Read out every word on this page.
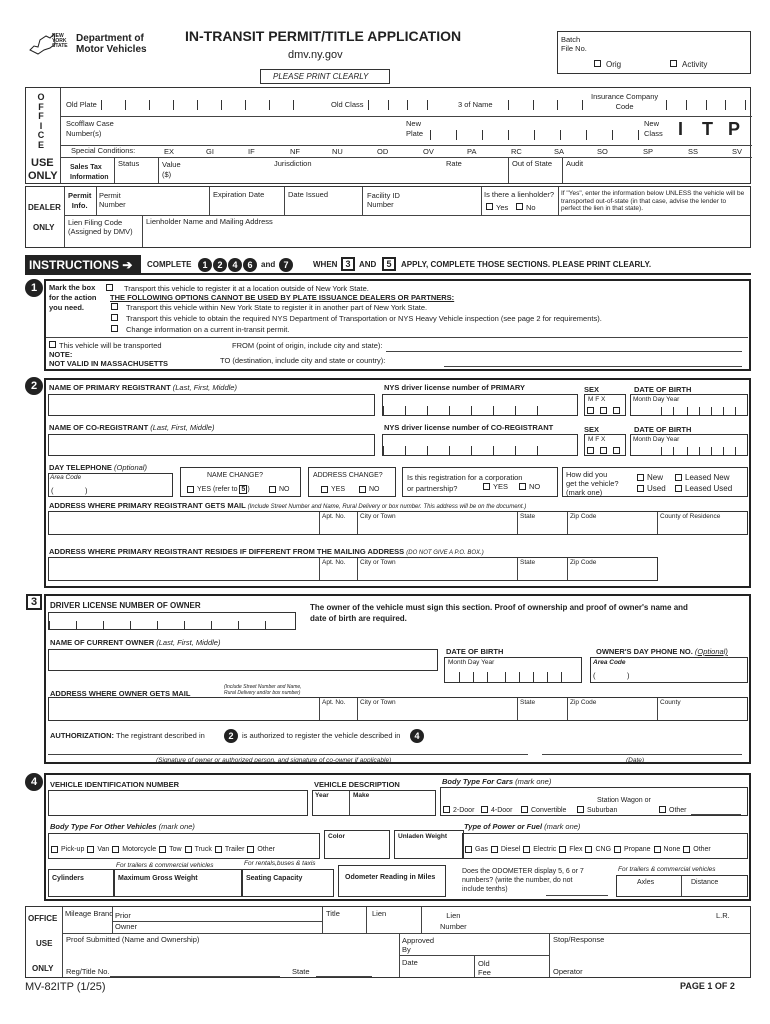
NEW YORK STATE
Department of
Motor Vehicles
IN-TRANSIT PERMIT/TITLE APPLICATION
dmv.ny.gov
PLEASE PRINT CLEARLY
Batch
File No.
Orig	Activity
O
F
F
I
C
E
USE
ONLY
Old Plate	Old Class	3 of Name
Insurance Company
Code
Scofflaw Case
Number(s)
New
Plate
New
Class I T P
Special Conditions:	EX	GI	IF	NF	NU	OD	OV	PA	RC	SA	SO	SP	SS	SV
Sales Tax
Information
Status	Value
($)
Jurisdiction	Rate	Out of State Audit
DEALER
ONLY
Permit
Info.
Permit
Number
Expiration Date	Date Issued	Facility ID
Number
Is there a lienholder?
Yes No
If "Yes", enter the information below UNLESS the vehicle will be transported out-of-state (in that case, advise the lender to perfect the lien in that state).
Lien Filing Code
(Assigned by DMV)
Lienholder Name and Mailing Address
INSTRUCTIONS ➔	COMPLETE	1	2	4	6	and 7	WHEN 3	AND	5	APPLY, COMPLETE THOSE SECTIONS. PLEASE PRINT CLEARLY.
1	Mark the box
for the action
you need.
Transport this vehicle to register it at a location outside of New York State.
THE FOLLOWING OPTIONS CANNOT BE USED BY PLATE ISSUANCE DEALERS OR PARTNERS:
Transport this vehicle within New York State to register it in another part of New York State.
Transport this vehicle to obtain the required NYS Department of Transportation or NYS Heavy Vehicle inspection (see page 2 for requirements).
Change information on a current in-transit permit.
This vehicle will be transported	FROM (point of origin, include city and state):
NOTE:
NOT VALID IN MASSACHUSETTS	TO (destination, include city and state or country):
2	NAME OF PRIMARY REGISTRANT (Last, First, Middle)	NYS driver license number of PRIMARY	SEX
M F X
DATE OF BIRTH
Month Day Year
NAME OF CO-REGISTRANT (Last, First, Middle)	NYS driver license number of CO-REGISTRANT	SEX
M F X
DATE OF BIRTH
Month Day Year
DAY TELEPHONE (Optional)
Area Code
(	)
NAME CHANGE?
YES (refer to 5 )	NO
ADDRESS CHANGE?
YES	NO
Is this registration for a corporation
or partnership?	YES	NO
How did you
get the vehicle?
(mark one)
New
Used
Leased New
Leased Used
ADDRESS WHERE PRIMARY REGISTRANT GETS MAIL (Include Street Number and Name, Rural Delivery or box number. This address will be on the document.)
Apt. No. City or Town	State	Zip Code	County of Residence
ADDRESS WHERE PRIMARY REGISTRANT RESIDES IF DIFFERENT FROM THE MAILING ADDRESS (DO NOT GIVE A P.O. BOX.)
Apt. No. City or Town	State	Zip Code
3	DRIVER LICENSE NUMBER OF OWNER	The owner of the vehicle must sign this section. Proof of ownership and proof of owner's name and
date of birth are required.
NAME OF CURRENT OWNER (Last, First, Middle)
DATE OF BIRTH
Month Day Year
OWNER'S DAY PHONE NO. (Optional)
Area Code
(	)
ADDRESS WHERE OWNER GETS MAIL
(Include Street Number and Name,
Rural Delivery and/or box number)
Apt. No. City or Town	State	Zip Code	County
AUTHORIZATION: The registrant described in	2	is authorized to register the vehicle described in	4
(Signature of owner or authorized person, and signature of co-owner if applicable)	(Date)
4	VEHICLE IDENTIFICATION NUMBER	VEHICLE DESCRIPTION
Year	Make
Body Type For Cars (mark one)
2-Door 4-Door	Convertible
Station Wagon or
Suburban	Other
Body Type For Other Vehicles (mark one)
Pick-up Van Motorcycle Tow Truck Trailer Other
Color	Unladen Weight
Type of Power or Fuel (mark one)
Gas Diesel Electric Flex CNG Propane None Other
For trailers & commercial vehicles	For rentals,buses & taxis
Cylinders	Maximum Gross Weight	Seating Capacity	Odometer Reading in Miles
Does the ODOMETER display 5, 6 or 7
numbers? (write the number, do not
include tenths)
For trailers & commercial vehicles
Axles	Distance
OFFICE
USE
ONLY
Mileage Brand Prior
Owner
Title	Lien	Lien
Number
L.R.
Proof Submitted (Name and Ownership)	Approved
By
Stop/Response
Reg/Title No.	State
Date	Old
Fee	Operator
MV-82ITP (1/25)	PAGE 1 OF 2
